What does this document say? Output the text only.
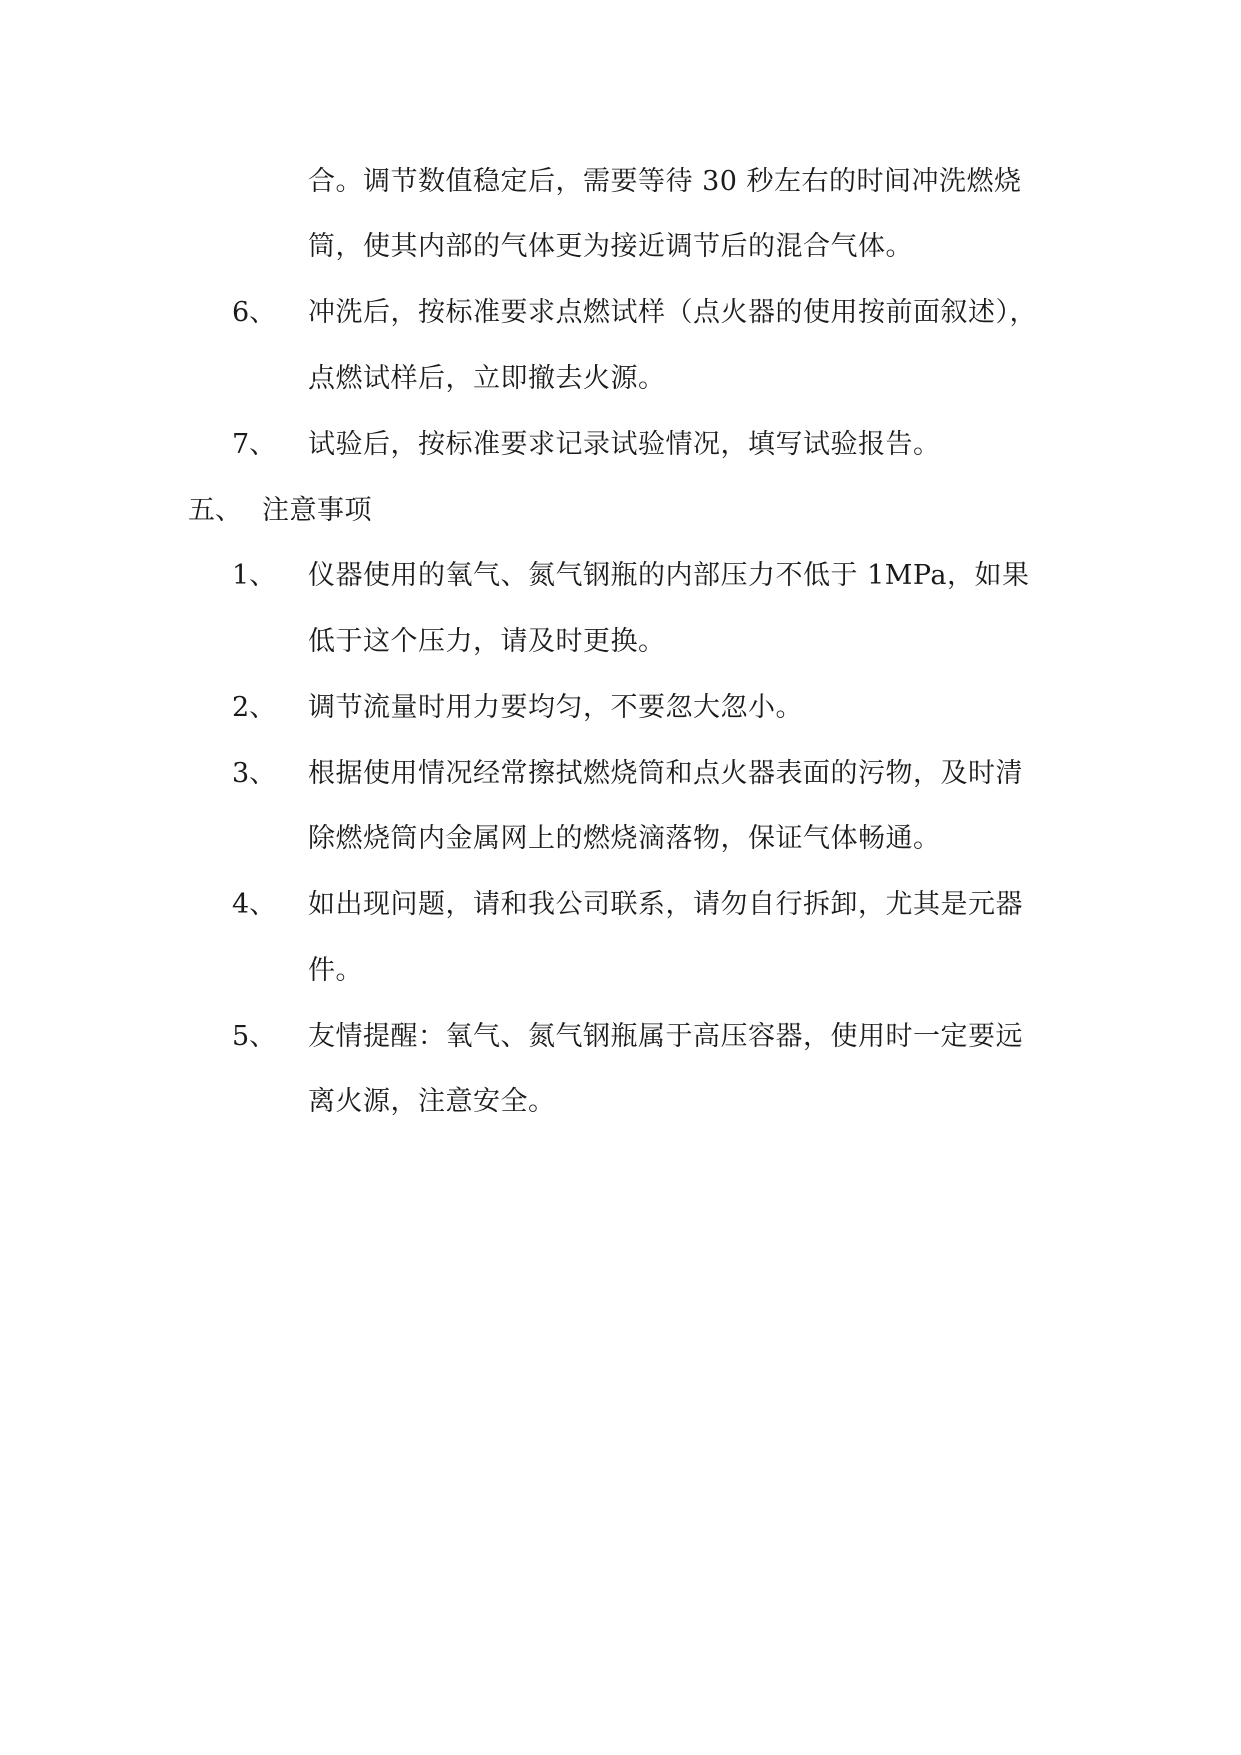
合。调节数值稳定后，需要等待 30 秒左右的时间冲洗燃烧
筒，使其内部的气体更为接近调节后的混合气体。
6、 冲洗后，按标准要求点燃试样（点火器的使用按前面叙述），
点燃试样后，立即撤去火源。
7、 试验后，按标准要求记录试验情况，填写试验报告。
五、 注意事项
1、 仪器使用的氧气、氮气钢瓶的内部压力不低于 1MPa，如果
低于这个压力，请及时更换。
2、 调节流量时用力要均匀，不要忽大忽小。
3、 根据使用情况经常擦拭燃烧筒和点火器表面的污物，及时清
除燃烧筒内金属网上的燃烧滴落物，保证气体畅通。
4、 如出现问题，请和我公司联系，请勿自行拆卸，尤其是元器
件。
5、 友情提醒：氧气、氮气钢瓶属于高压容器，使用时一定要远
离火源，注意安全。
